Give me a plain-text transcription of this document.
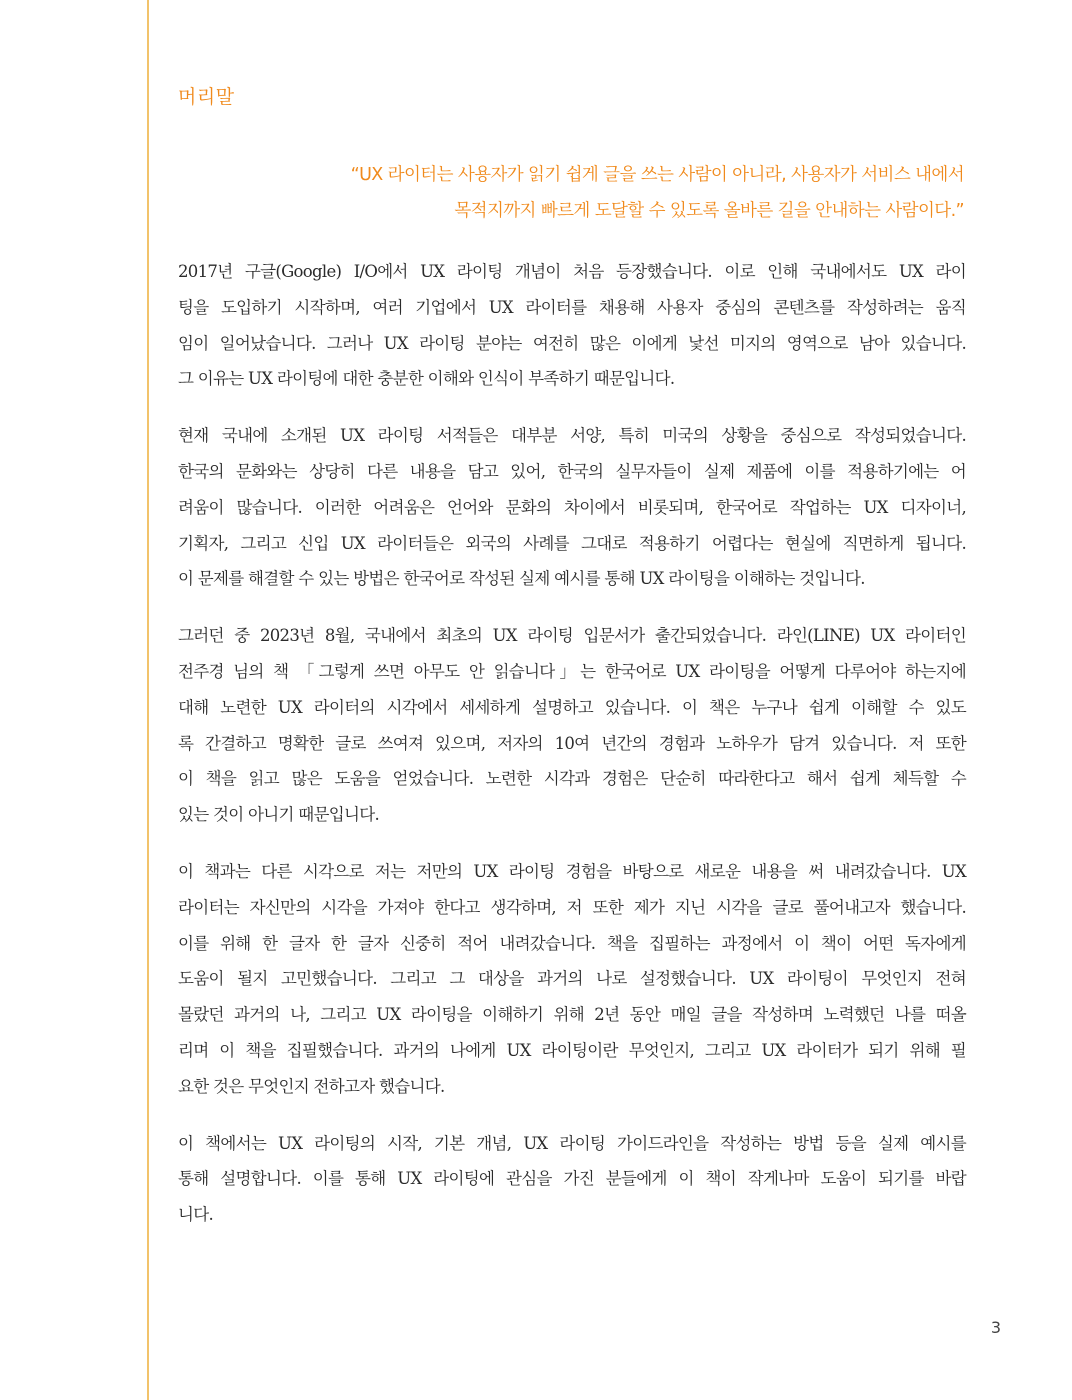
머리말

“UX 라이터는 사용자가 읽기 쉽게 글을 쓰는 사람이 아니라, 사용자가 서비스 내에서

목적지까지 빠르게 도달할 수 있도록 올바른 길을 안내하는 사람이다.”

2017년 구글(Google) I/O에서 UX 라이팅 개념이 처음 등장했습니다. 이로 인해 국내에서도 UX 라이
팅을 도입하기 시작하며, 여러 기업에서 UX 라이터를 채용해 사용자 중심의 콘텐츠를 작성하려는 움직
임이 일어났습니다. 그러나 UX 라이팅 분야는 여전히 많은 이에게 낯선 미지의 영역으로 남아 있습니다.
그 이유는 UX 라이팅에 대한 충분한 이해와 인식이 부족하기 때문입니다.
현재 국내에 소개된 UX 라이팅 서적들은 대부분 서양, 특히 미국의 상황을 중심으로 작성되었습니다.
한국의 문화와는 상당히 다른 내용을 담고 있어, 한국의 실무자들이 실제 제품에 이를 적용하기에는 어
려움이 많습니다. 이러한 어려움은 언어와 문화의 차이에서 비롯되며, 한국어로 작업하는 UX 디자이너,
기획자, 그리고 신입 UX 라이터들은 외국의 사례를 그대로 적용하기 어렵다는 현실에 직면하게 됩니다.
이 문제를 해결할 수 있는 방법은 한국어로 작성된 실제 예시를 통해 UX 라이팅을 이해하는 것입니다.
그러던 중 2023년 8월, 국내에서 최초의 UX 라이팅 입문서가 출간되었습니다. 라인(LINE) UX 라이터인
전주경 님의 책 「그렇게 쓰면 아무도 안 읽습니다」는 한국어로 UX 라이팅을 어떻게 다루어야 하는지에
대해 노련한 UX 라이터의 시각에서 세세하게 설명하고 있습니다. 이 책은 누구나 쉽게 이해할 수 있도
록 간결하고 명확한 글로 쓰여져 있으며, 저자의 10여 년간의 경험과 노하우가 담겨 있습니다. 저 또한
이 책을 읽고 많은 도움을 얻었습니다. 노련한 시각과 경험은 단순히 따라한다고 해서 쉽게 체득할 수
있는 것이 아니기 때문입니다.
이 책과는 다른 시각으로 저는 저만의 UX 라이팅 경험을 바탕으로 새로운 내용을 써 내려갔습니다. UX
라이터는 자신만의 시각을 가져야 한다고 생각하며, 저 또한 제가 지닌 시각을 글로 풀어내고자 했습니다.
이를 위해 한 글자 한 글자 신중히 적어 내려갔습니다. 책을 집필하는 과정에서 이 책이 어떤 독자에게
도움이 될지 고민했습니다. 그리고 그 대상을 과거의 나로 설정했습니다. UX 라이팅이 무엇인지 전혀
몰랐던 과거의 나, 그리고 UX 라이팅을 이해하기 위해 2년 동안 매일 글을 작성하며 노력했던 나를 떠올
리며 이 책을 집필했습니다. 과거의 나에게 UX 라이팅이란 무엇인지, 그리고 UX 라이터가 되기 위해 필
요한 것은 무엇인지 전하고자 했습니다.
이 책에서는 UX 라이팅의 시작, 기본 개념, UX 라이팅 가이드라인을 작성하는 방법 등을 실제 예시를
통해 설명합니다. 이를 통해 UX 라이팅에 관심을 가진 분들에게 이 책이 작게나마 도움이 되기를 바랍
니다.
3
